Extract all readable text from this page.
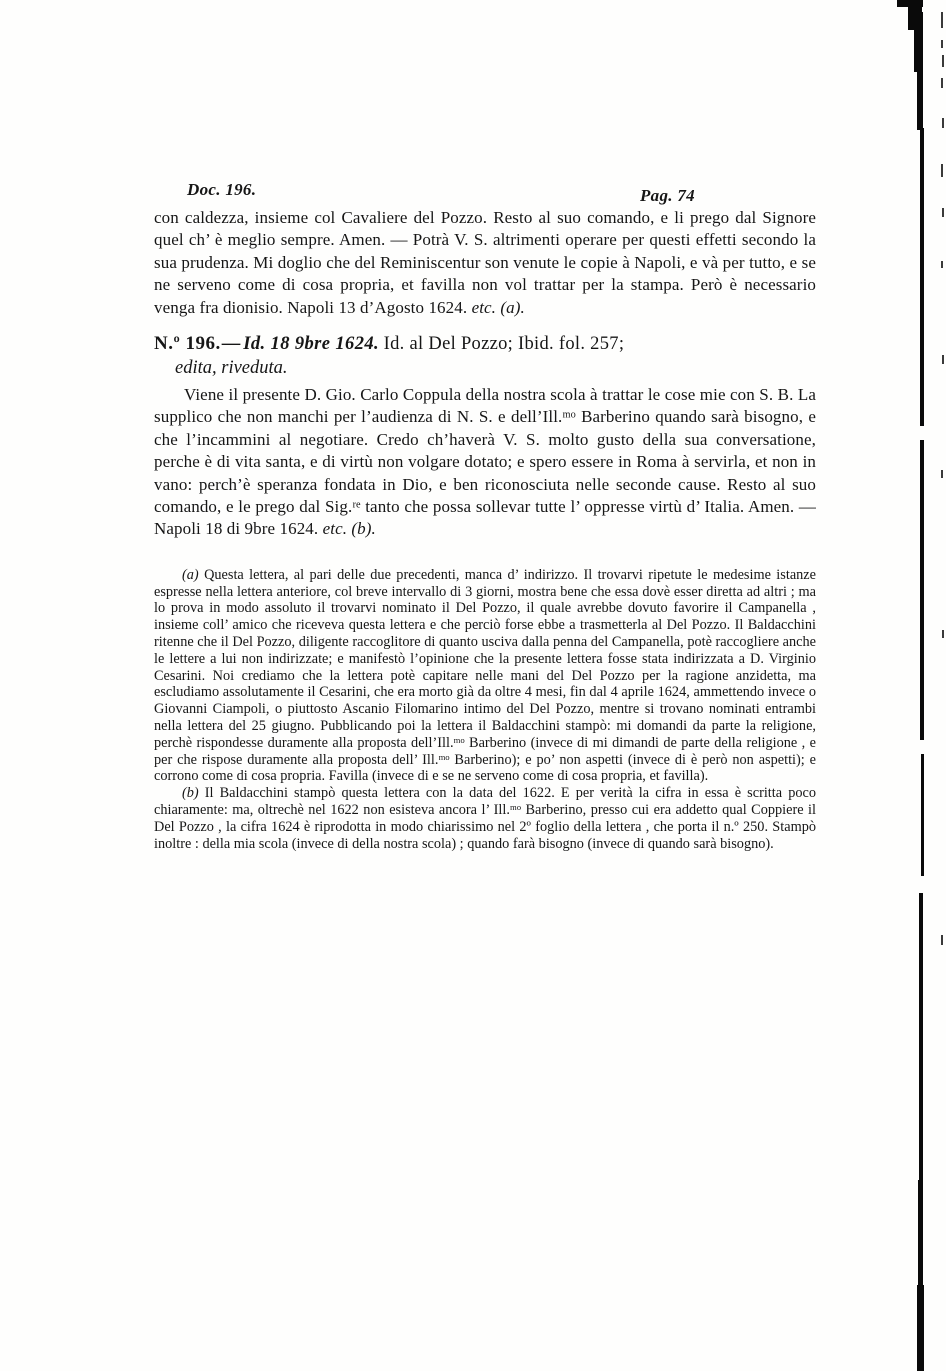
Doc. 196.	Pag. 74

con caldezza, insieme col Cavaliere del Pozzo. Resto al suo comando, e li prego dal Signore quel ch’ è meglio sempre. Amen. — Potrà V. S. altrimenti operare per questi effetti secondo la sua prudenza. Mi doglio che del Reminiscentur son venute le copie à Napoli, e và per tutto, e se ne serveno come di cosa propria, et favilla non vol trattar per la stampa. Però è necessario venga fra dionisio. Napoli 13 d’Agosto 1624. etc. (a).

N.º 196.— Id. 18 9bre 1624. Id. al Del Pozzo; Ibid. fol. 257;
edita, riveduta.

Viene il presente D. Gio. Carlo Coppula della nostra scola à trattar le cose mie con S. B. La supplico che non manchi per l’audienza di N. S. e dell’Ill.ᵐᵒ Barberino quando sarà bisogno, e che l’incammini al negotiare. Credo ch’haverà V. S. molto gusto della sua conversatione, perche è di vita santa, e di virtù non volgare dotato; e spero essere in Roma à servirla, et non in vano: perch’è speranza fondata in Dio, e ben riconosciuta nelle seconde cause. Resto al suo comando, e le prego dal Sig.ʳᵉ tanto che possa sollevar tutte l’ oppresse virtù d’ Italia. Amen. — Napoli 18 di 9bre 1624. etc. (b).

(a) Questa lettera, al pari delle due precedenti, manca d’ indirizzo. Il trovarvi ripetute le medesime istanze espresse nella lettera anteriore, col breve intervallo di 3 giorni, mostra bene che essa dovè esser diretta ad altri ; ma lo prova in modo assoluto il trovarvi nominato il Del Pozzo, il quale avrebbe dovuto favorire il Campanella , insieme coll’ amico che riceveva questa lettera e che perciò forse ebbe a trasmetterla al Del Pozzo. Il Baldacchini ritenne che il Del Pozzo, diligente raccoglitore di quanto usciva dalla penna del Campanella, potè raccogliere anche le lettere a lui non indirizzate; e manifestò l’opinione che la presente lettera fosse stata indirizzata a D. Virginio Cesarini. Noi crediamo che la lettera potè capitare nelle mani del Del Pozzo per la ragione anzidetta, ma escludiamo assolutamente il Cesarini, che era morto già da oltre 4 mesi, fin dal 4 aprile 1624, ammettendo invece o Giovanni Ciampoli, o piuttosto Ascanio Filomarino intimo del Del Pozzo, mentre si trovano nominati entrambi nella lettera del 25 giugno. Pubblicando poi la lettera il Baldacchini stampò: mi domandi da parte la religione, perchè rispondesse duramente alla proposta dell’Ill.ᵐᵒ Barberino (invece di mi dimandi de parte della religione , e per che rispose duramente alla proposta dell’ Ill.ᵐᵒ Barberino); e po’ non aspetti (invece di è però non aspetti); e corrono come di cosa propria. Favilla (invece di e se ne serveno come di cosa propria, et favilla).

(b) Il Baldacchini stampò questa lettera con la data del 1622. E per verità la cifra in essa è scritta poco chiaramente: ma, oltrechè nel 1622 non esisteva ancora l’ Ill.ᵐᵒ Barberino, presso cui era addetto qual Coppiere il Del Pozzo , la cifra 1624 è riprodotta in modo chiarissimo nel 2º foglio della lettera , che porta il n.º 250. Stampò inoltre : della mia scola (invece di della nostra scola) ; quando farà bisogno (invece di quando sarà bisogno).
